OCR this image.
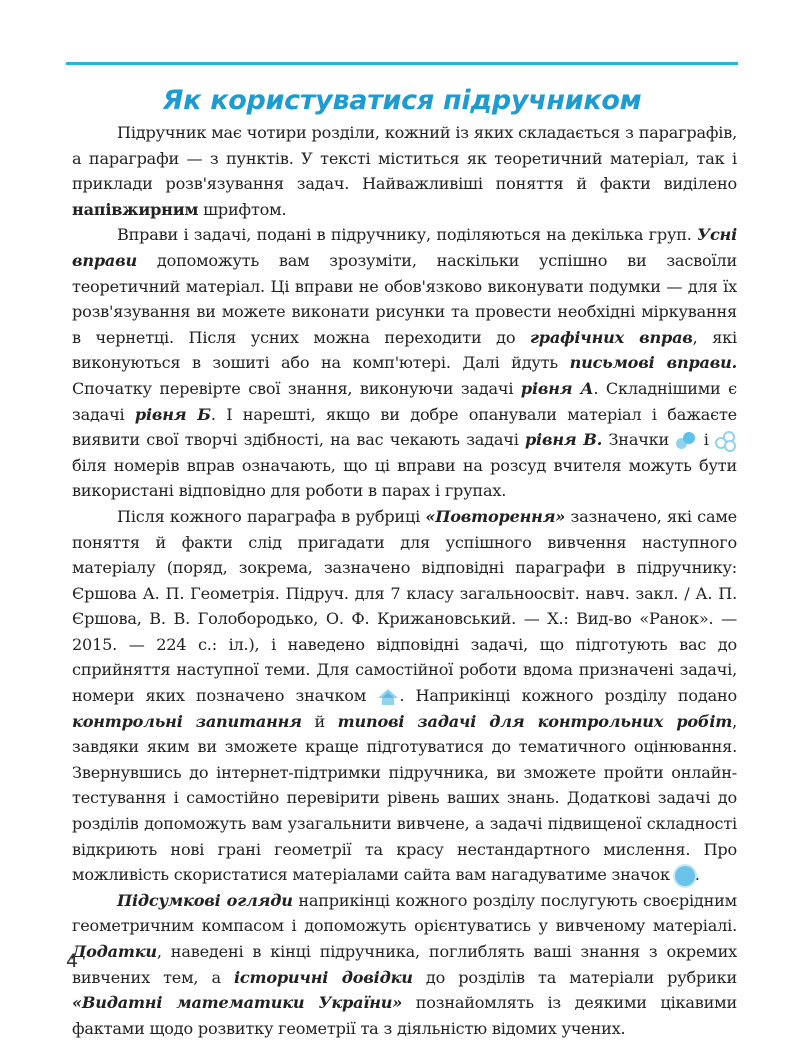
Як користуватися підручником

Підручник має чотири розділи, кожний із яких складається з параграфів, а параграфи — з пунктів. У тексті міститься як теоретичний матеріал, так і приклади розв'язування задач. Найважливіші поняття й факти виділено напівжирним шрифтом.

Вправи і задачі, подані в підручнику, поділяються на декілька груп. Усні вправи допоможуть вам зрозуміти, наскільки успішно ви засвоїли теоретичний матеріал. Ці вправи не обов'язково виконувати подумки — для їх розв'язування ви можете виконати рисунки та провести необхідні міркування в чернетці. Після усних можна переходити до графічних вправ, які виконуються в зошиті або на комп'ютері. Далі йдуть письмові вправи. Спочатку перевірте свої знання, виконуючи задачі рівня А. Складнішими є задачі рівня Б. І нарешті, якщо ви добре опанували матеріал і бажаєте виявити свої творчі здібності, на вас чекають задачі рівня В. Значки  і
біля номерів вправ означають, що ці вправи на розсуд вчителя можуть бути використані відповідно для роботи в парах і групах.

Після кожного параграфа в рубриці «Повторення» зазначено, які саме поняття й факти слід пригадати для успішного вивчення наступного матеріалу (поряд, зокрема, зазначено відповідні параграфи в підручнику: Єршова А. П. Геометрія. Підруч. для 7 класу загальноосвіт. навч. закл. / А. П. Єршова, В. В. Голобородько, О. Ф. Крижановський. — Х.: Вид-во «Ранок». — 2015. — 224 с.: іл.), і наведено відповідні задачі, що підготують вас до сприйняття наступної теми. Для самостійної роботи вдома призначені задачі, номери яких позначено значком
. Наприкінці кожного розділу подано контрольні запитання й типові задачі для контрольних робіт, завдяки яким ви зможете краще підготуватися до тематичного оцінювання. Звернувшись до інтернет-підтримки підручника, ви зможете пройти онлайн-тестування і самостійно перевірити рівень ваших знань. Додаткові задачі до розділів допоможуть вам узагальнити вивчене, а задачі підвищеної складності відкриють нові грані геометрії та красу нестандартного мислення. Про можливість скористатися матеріалами сайта вам нагадуватиме значок	i.

Підсумкові огляди наприкінці кожного розділу послугують своєрідним геометричним компасом і допоможуть орієнтуватись у вивченому матеріалі. Додатки, наведені в кінці підручника, поглиблять ваші знання з окремих вивчених тем, а історичні довідки до розділів та матеріали рубрики «Видатні математики України» познайомлять із деякими цікавими фактами щодо розвитку геометрії та з діяльністю відомих учених.

4
